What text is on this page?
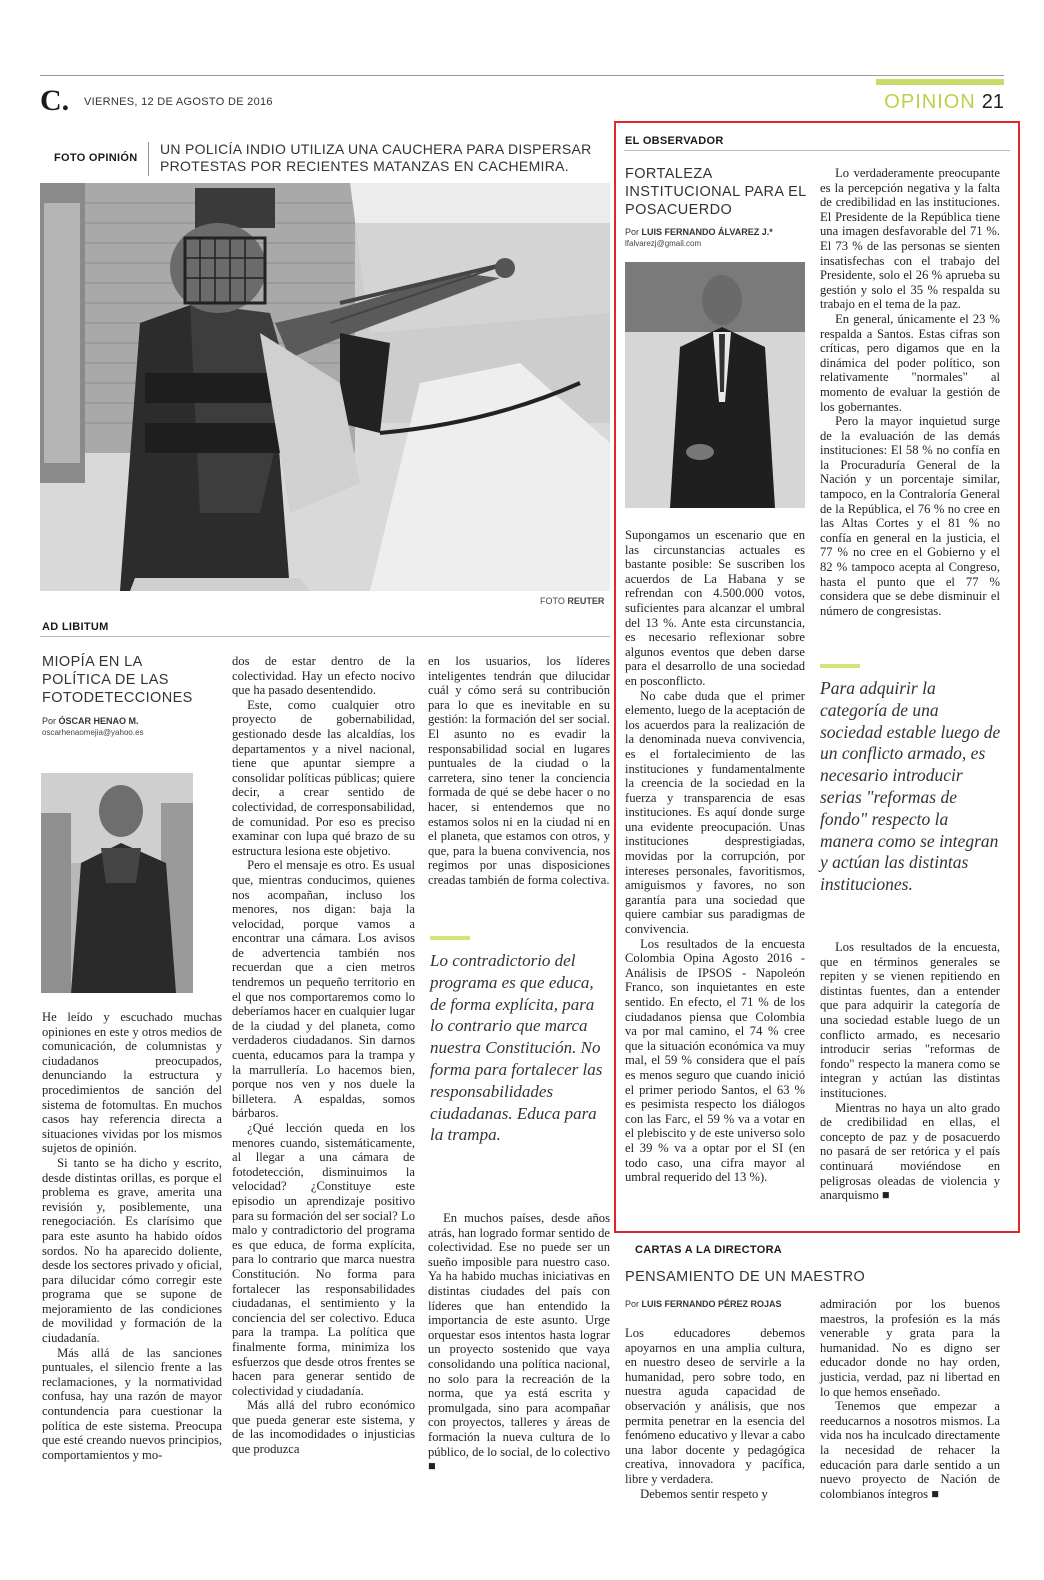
C. VIERNES, 12 DE AGOSTO DE 2016	OPINION 21
FOTO OPINIÓN
UN POLICÍA INDIO UTILIZA UNA CAUCHERA PARA DISPERSAR PROTESTAS POR RECIENTES MATANZAS EN CACHEMIRA.
FOTO REUTER
AD LIBITUM
MIOPÍA EN LA POLÍTICA DE LAS FOTODETECCIONES
Por ÓSCAR HENAO M.
oscarhenaomejia@yahoo.es

He leído y escuchado muchas opiniones en este y otros medios de comunicación, de columnistas y ciudadanos preocupados, denunciando la estructura y procedimientos de sanción del sistema de fotomultas. En muchos casos hay referencia directa a situaciones vividas por los mismos sujetos de opinión.

Si tanto se ha dicho y escrito, desde distintas orillas, es porque el problema es grave, amerita una revisión y, posiblemente, una renegociación. Es clarísimo que para este asunto ha habido oídos sordos. No ha aparecido doliente, desde los sectores privado y oficial, para dilucidar cómo corregir este programa que se supone de mejoramiento de las condiciones de movilidad y formación de la ciudadanía.

Más allá de las sanciones puntuales, el silencio frente a las reclamaciones, y la normatividad confusa, hay una razón de mayor contundencia para cuestionar la política de este sistema. Preocupa que esté creando nuevos principios, comportamientos y mo-

dos de estar dentro de la colectividad. Hay un efecto nocivo que ha pasado desentendido.

Este, como cualquier otro proyecto de gobernabilidad, gestionado desde las alcaldías, los departamentos y a nivel nacional, tiene que apuntar siempre a consolidar políticas públicas; quiere decir, a crear sentido de colectividad, de corresponsabilidad, de comunidad. Por eso es preciso examinar con lupa qué brazo de su estructura lesiona este objetivo.

Pero el mensaje es otro. Es usual que, mientras conducimos, quienes nos acompañan, incluso los menores, nos digan: baja la velocidad, porque vamos a encontrar una cámara. Los avisos de advertencia también nos recuerdan que a cien metros tendremos un pequeño territorio en el que nos comportaremos como lo deberíamos hacer en cualquier lugar de la ciudad y del planeta, como verdaderos ciudadanos. Sin darnos cuenta, educamos para la trampa y la marrullería. Lo hacemos bien, porque nos ven y nos duele la billetera. A espaldas, somos bárbaros.

¿Qué lección queda en los menores cuando, sistemáticamente, al llegar a una cámara de fotodetección, disminuimos la velocidad? ¿Constituye este episodio un aprendizaje positivo para su formación del ser social? Lo malo y contradictorio del programa es que educa, de forma explícita, para lo contrario que marca nuestra Constitución. No forma para fortalecer las responsabilidades ciudadanas, el sentimiento y la conciencia del ser colectivo. Educa para la trampa. La política que finalmente forma, minimiza los esfuerzos que desde otros frentes se hacen para generar sentido de colectividad y ciudadanía.

Más allá del rubro económico que pueda generar este sistema, y de las incomodidades o injusticias que produzca

en los usuarios, los líderes inteligentes tendrán que dilucidar cuál y cómo será su contribución para lo que es inevitable en su gestión: la formación del ser social. El asunto no es evadir la responsabilidad social en lugares puntuales de la ciudad o la carretera, sino tener la conciencia formada de qué se debe hacer o no hacer, si entendemos que no estamos solos ni en la ciudad ni en el planeta, que estamos con otros, y que, para la buena convivencia, nos regimos por unas disposiciones creadas también de forma colectiva.

Lo contradictorio del programa es que educa, de forma explícita, para lo contrario que marca nuestra Constitución. No forma para fortalecer las responsabilidades ciudadanas. Educa para la trampa.

En muchos países, desde años atrás, han logrado formar sentido de colectividad. Ese no puede ser un sueño imposible para nuestro caso. Ya ha habido muchas iniciativas en distintas ciudades del país con líderes que han entendido la importancia de este asunto. Urge orquestar esos intentos hasta lograr un proyecto sostenido que vaya consolidando una política nacional, no solo para la recreación de la norma, que ya está escrita y promulgada, sino para acompañar con proyectos, talleres y áreas de formación la nueva cultura de lo público, de lo social, de lo colectivo ■

EL OBSERVADOR
FORTALEZA INSTITUCIONAL PARA EL POSACUERDO
Por LUIS FERNANDO ÁLVAREZ J.*
lfalvarezj@gmail.com

Supongamos un escenario que en las circunstancias actuales es bastante posible: Se suscriben los acuerdos de La Habana y se refrendan con 4.500.000 votos, suficientes para alcanzar el umbral del 13 %. Ante esta circunstancia, es necesario reflexionar sobre algunos eventos que deben darse para el desarrollo de una sociedad en posconflicto.

No cabe duda que el primer elemento, luego de la aceptación de los acuerdos para la realización de la denominada nueva convivencia, es el fortalecimiento de las instituciones y fundamentalmente la creencia de la sociedad en la fuerza y transparencia de esas instituciones. Es aquí donde surge una evidente preocupación. Unas instituciones desprestigiadas, movidas por la corrupción, por intereses personales, favoritismos, amiguismos y favores, no son garantía para una sociedad que quiere cambiar sus paradigmas de convivencia.

Los resultados de la encuesta Colombia Opina Agosto 2016 - Análisis de IPSOS - Napoleón Franco, son inquietantes en este sentido. En efecto, el 71 % de los ciudadanos piensa que Colombia va por mal camino, el 74 % cree que la situación económica va muy mal, el 59 % considera que el país es menos seguro que cuando inició el primer periodo Santos, el 63 % es pesimista respecto los diálogos con las Farc, el 59 % va a votar en el plebiscito y de este universo solo el 39 % va a optar por el SI (en todo caso, una cifra mayor al umbral requerido del 13 %).

Lo verdaderamente preocupante es la percepción negativa y la falta de credibilidad en las instituciones. El Presidente de la República tiene una imagen desfavorable del 71 %. El 73 % de las personas se sienten insatisfechas con el trabajo del Presidente, solo el 26 % aprueba su gestión y solo el 35 % respalda su trabajo en el tema de la paz.

En general, únicamente el 23 % respalda a Santos. Estas cifras son críticas, pero digamos que en la dinámica del poder político, son relativamente "normales" al momento de evaluar la gestión de los gobernantes.

Pero la mayor inquietud surge de la evaluación de las demás instituciones: El 58 % no confía en la Procuraduría General de la Nación y un porcentaje similar, tampoco, en la Contraloría General de la República, el 76 % no cree en las Altas Cortes y el 81 % no confía en general en la justicia, el 77 % no cree en el Gobierno y el 82 % tampoco acepta al Congreso, hasta el punto que el 77 % considera que se debe disminuir el número de congresistas.

Para adquirir la categoría de una sociedad estable luego de un conflicto armado, es necesario introducir serias "reformas de fondo" respecto la manera como se integran y actúan las distintas instituciones.

Los resultados de la encuesta, que en términos generales se repiten y se vienen repitiendo en distintas fuentes, dan a entender que para adquirir la categoría de una sociedad estable luego de un conflicto armado, es necesario introducir serias "reformas de fondo" respecto la manera como se integran y actúan las distintas instituciones.

Mientras no haya un alto grado de credibilidad en ellas, el concepto de paz y de posacuerdo no pasará de ser retórica y el país continuará moviéndose en peligrosas oleadas de violencia y anarquismo ■

CARTAS A LA DIRECTORA
PENSAMIENTO DE UN MAESTRO
Por LUIS FERNANDO PÉREZ ROJAS

Los educadores debemos apoyarnos en una amplia cultura, en nuestro deseo de servirle a la humanidad, pero sobre todo, en nuestra aguda capacidad de observación y análisis, que nos permita penetrar en la esencia del fenómeno educativo y llevar a cabo una labor docente y pedagógica creativa, innovadora y pacífica, libre y verdadera.

Debemos sentir respeto y

admiración por los buenos maestros, la profesión es la más venerable y grata para la humanidad. No es digno ser educador donde no hay orden, justicia, verdad, paz ni libertad en lo que hemos enseñado.

Tenemos que empezar a reeducarnos a nosotros mismos. La vida nos ha inculcado directamente la necesidad de rehacer la educación para darle sentido a un nuevo proyecto de Nación de colombianos íntegros ■
